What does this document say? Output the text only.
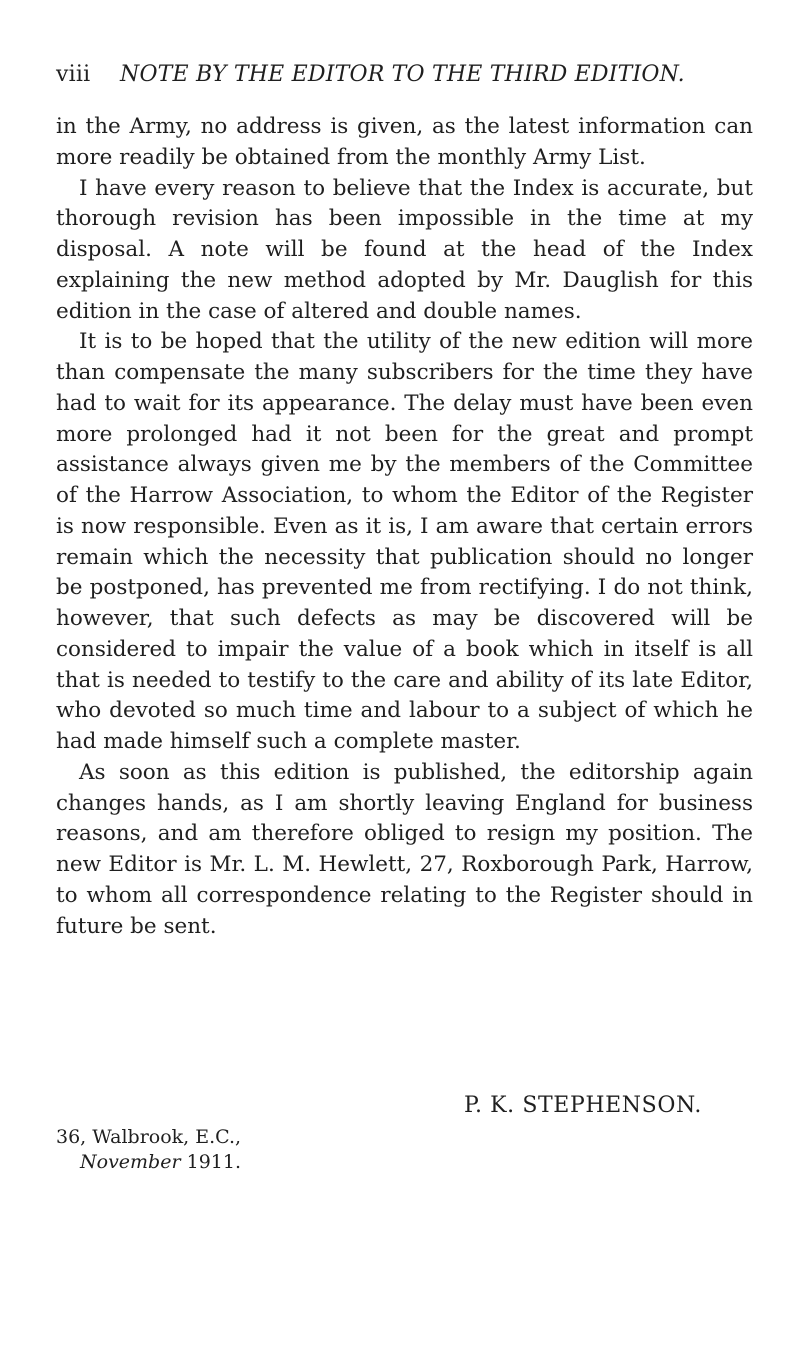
viii NOTE BY THE EDITOR TO THE THIRD EDITION.

in the Army, no address is given, as the latest information can more readily be obtained from the monthly Army List.

I have every reason to believe that the Index is accurate, but thorough revision has been impossible in the time at my disposal. A note will be found at the head of the Index explaining the new method adopted by Mr. Dauglish for this edition in the case of altered and double names.

It is to be hoped that the utility of the new edition will more than compensate the many subscribers for the time they have had to wait for its appearance. The delay must have been even more prolonged had it not been for the great and prompt assistance always given me by the members of the Committee of the Harrow Association, to whom the Editor of the Register is now responsible. Even as it is, I am aware that certain errors remain which the necessity that publication should no longer be postponed, has prevented me from rectifying. I do not think, however, that such defects as may be discovered will be considered to impair the value of a book which in itself is all that is needed to testify to the care and ability of its late Editor, who devoted so much time and labour to a subject of which he had made himself such a complete master.

As soon as this edition is published, the editorship again changes hands, as I am shortly leaving England for business reasons, and am therefore obliged to resign my position. The new Editor is Mr. L. M. Hewlett, 27, Roxborough Park, Harrow, to whom all correspondence relating to the Register should in future be sent.

P. K. STEPHENSON.
36, Walbrook, E.C.,
November 1911.
